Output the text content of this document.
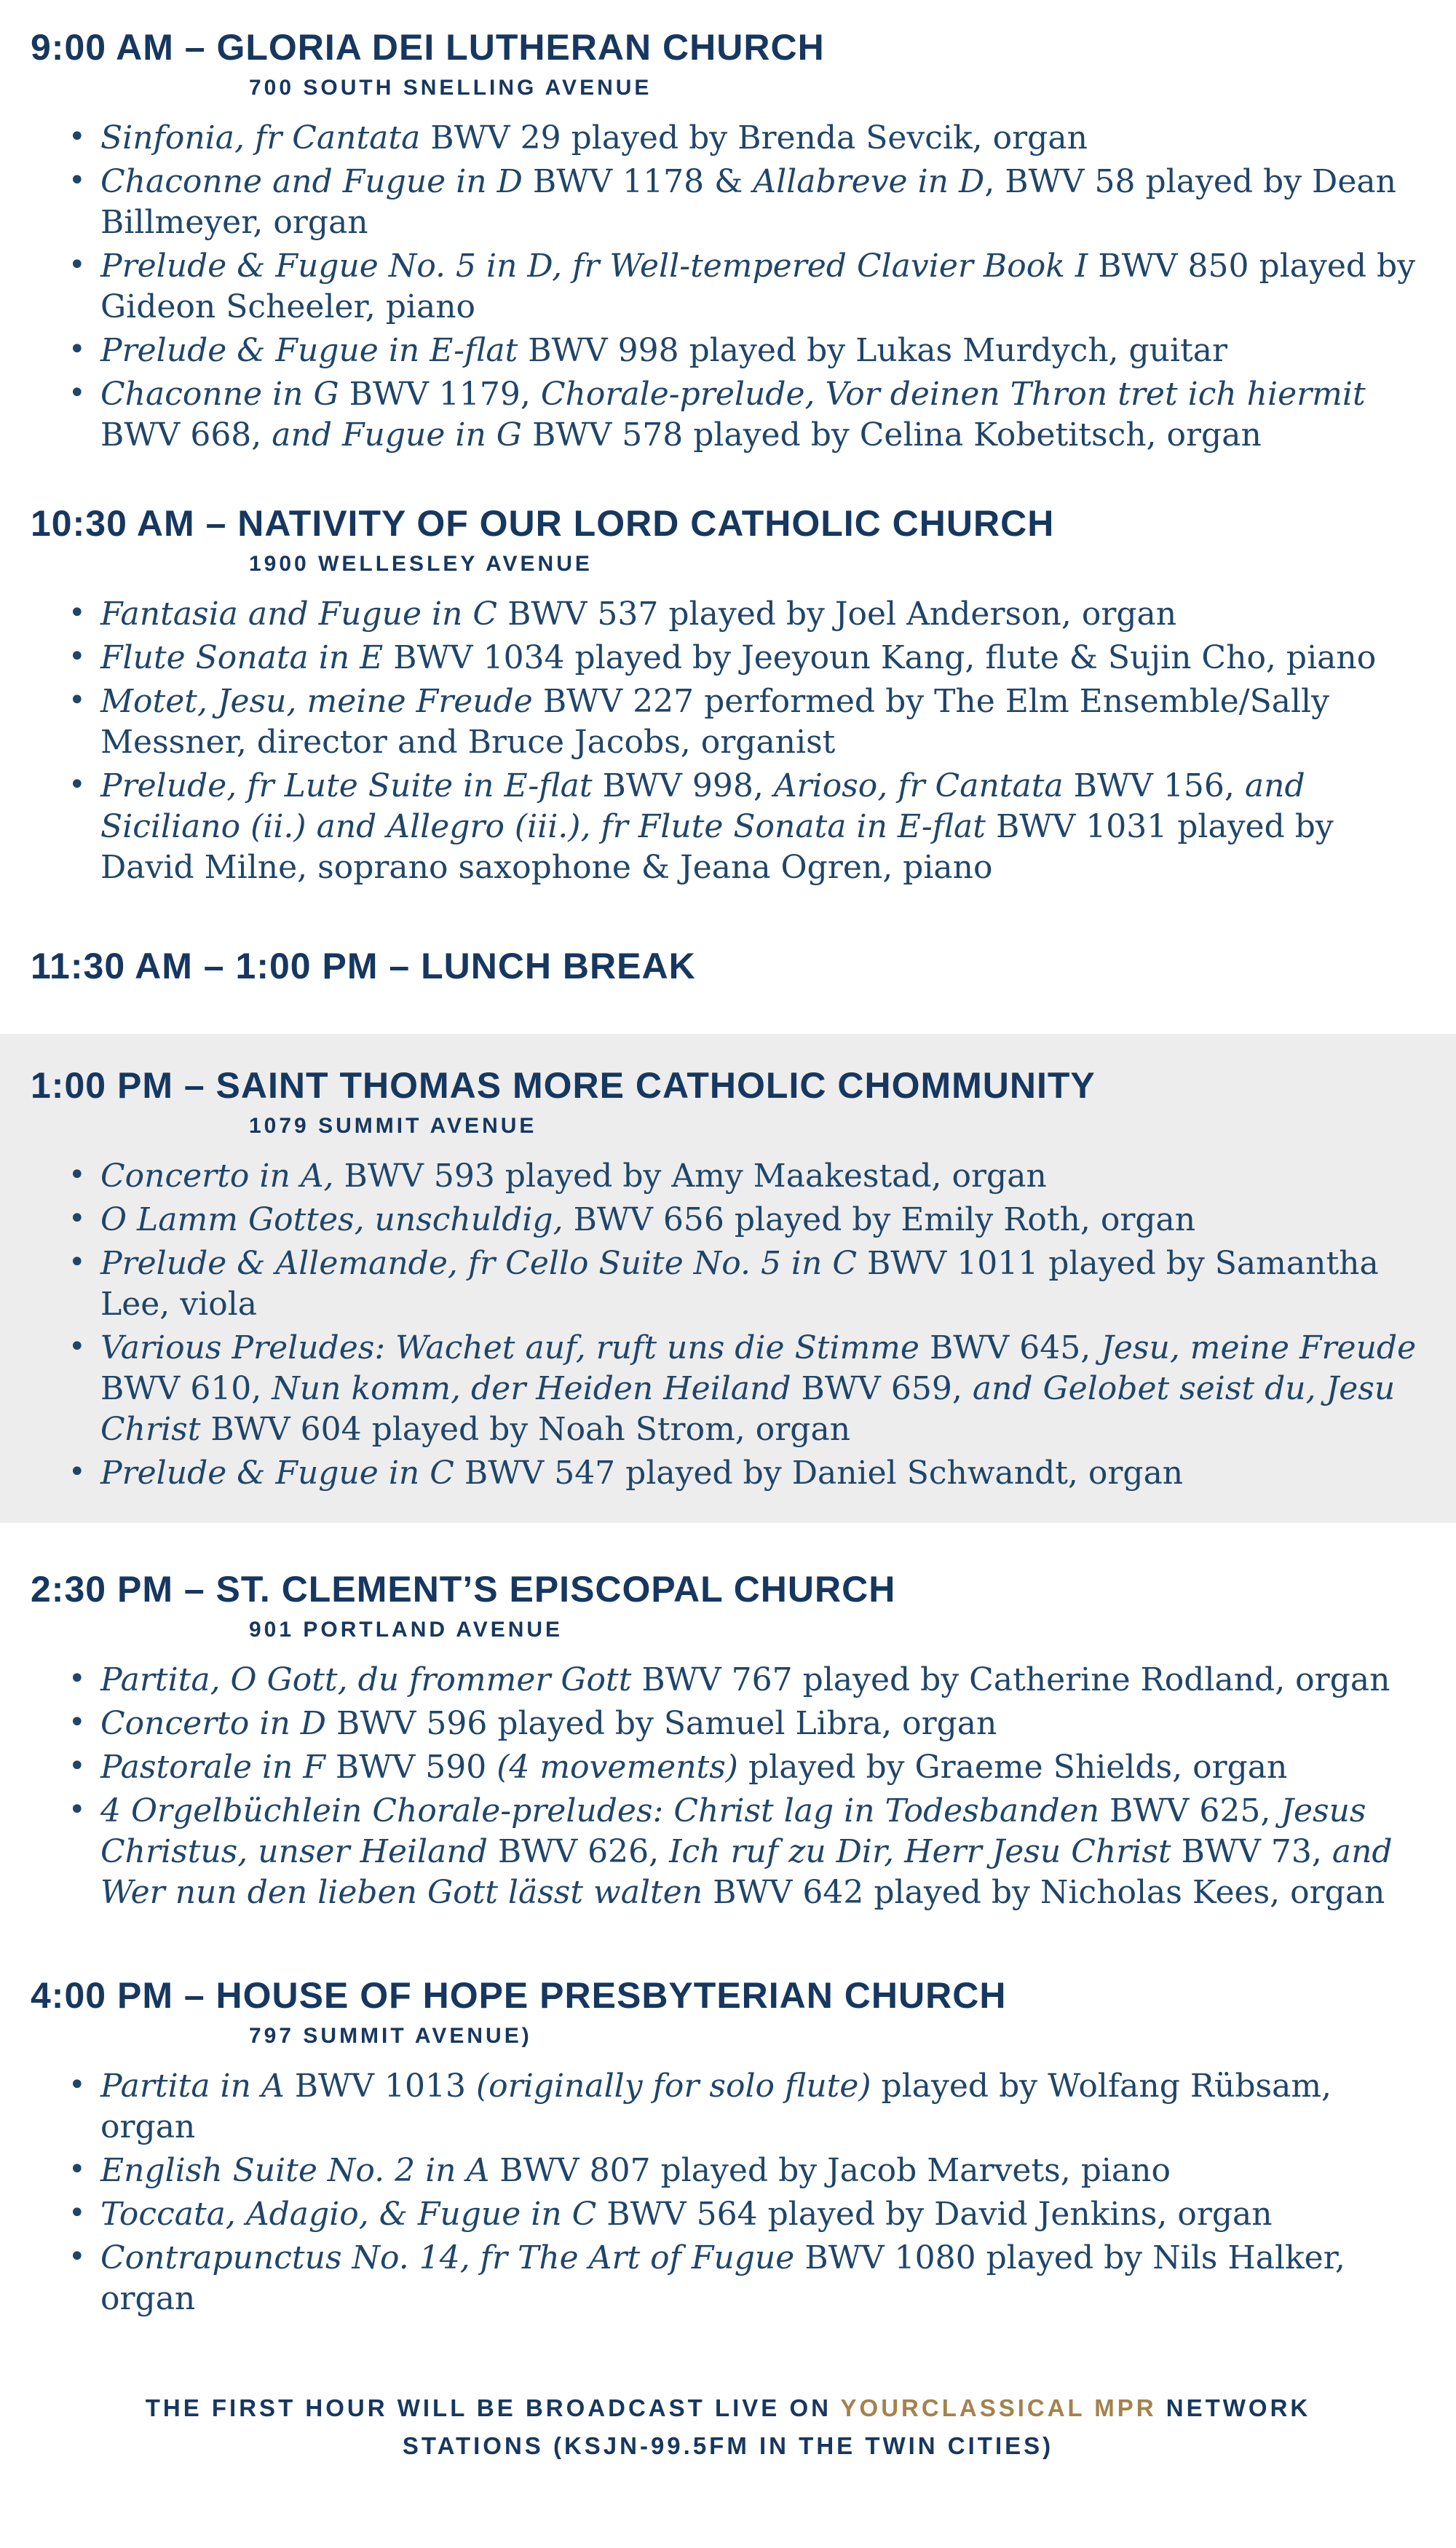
9:00 AM – GLORIA DEI LUTHERAN CHURCH
700 SOUTH SNELLING AVENUE
• Sinfonia, fr Cantata BWV 29 played by Brenda Sevcik, organ
• Chaconne and Fugue in D BWV 1178 & Allabreve in D, BWV 58 played by Dean Billmeyer, organ
• Prelude & Fugue No. 5 in D, fr Well-tempered Clavier Book I BWV 850 played by Gideon Scheeler, piano
• Prelude & Fugue in E-flat BWV 998 played by Lukas Murdych, guitar
• Chaconne in G BWV 1179, Chorale-prelude, Vor deinen Thron tret ich hiermit BWV 668, and Fugue in G BWV 578 played by Celina Kobetitsch, organ
10:30 AM – NATIVITY OF OUR LORD CATHOLIC CHURCH
1900 WELLESLEY AVENUE
• Fantasia and Fugue in C BWV 537 played by Joel Anderson, organ
• Flute Sonata in E BWV 1034 played by Jeeyoun Kang, flute & Sujin Cho, piano
• Motet, Jesu, meine Freude BWV 227 performed by The Elm Ensemble/Sally Messner, director and Bruce Jacobs, organist
• Prelude, fr Lute Suite in E-flat BWV 998, Arioso, fr Cantata BWV 156, and Siciliano (ii.) and Allegro (iii.), fr Flute Sonata in E-flat BWV 1031 played by David Milne, soprano saxophone & Jeana Ogren, piano
11:30 AM – 1:00 PM – LUNCH BREAK
1:00 PM – SAINT THOMAS MORE CATHOLIC CHOMMUNITY
1079 SUMMIT AVENUE
• Concerto in A, BWV 593 played by Amy Maakestad, organ
• O Lamm Gottes, unschuldig, BWV 656 played by Emily Roth, organ
• Prelude & Allemande, fr Cello Suite No. 5 in C BWV 1011 played by Samantha Lee, viola
• Various Preludes: Wachet auf, ruft uns die Stimme BWV 645, Jesu, meine Freude BWV 610, Nun komm, der Heiden Heiland BWV 659, and Gelobet seist du, Jesu Christ BWV 604 played by Noah Strom, organ
• Prelude & Fugue in C BWV 547 played by Daniel Schwandt, organ
2:30 PM – ST. CLEMENT’S EPISCOPAL CHURCH
901 PORTLAND AVENUE
• Partita, O Gott, du frommer Gott BWV 767 played by Catherine Rodland, organ
• Concerto in D BWV 596 played by Samuel Libra, organ
• Pastorale in F BWV 590 (4 movements) played by Graeme Shields, organ
• 4 Orgelbüchlein Chorale-preludes: Christ lag in Todesbanden BWV 625, Jesus Christus, unser Heiland BWV 626, Ich ruf zu Dir, Herr Jesu Christ BWV 73, and Wer nun den lieben Gott lässt walten BWV 642 played by Nicholas Kees, organ
4:00 PM – HOUSE OF HOPE PRESBYTERIAN CHURCH
797 SUMMIT AVENUE)
• Partita in A BWV 1013 (originally for solo flute) played by Wolfang Rübsam, organ
• English Suite No. 2 in A BWV 807 played by Jacob Marvets, piano
• Toccata, Adagio, & Fugue in C BWV 564 played by David Jenkins, organ
• Contrapunctus No. 14, fr The Art of Fugue BWV 1080 played by Nils Halker, organ
THE FIRST HOUR WILL BE BROADCAST LIVE ON YOURCLASSICAL MPR NETWORK STATIONS (KSJN-99.5FM IN THE TWIN CITIES)
